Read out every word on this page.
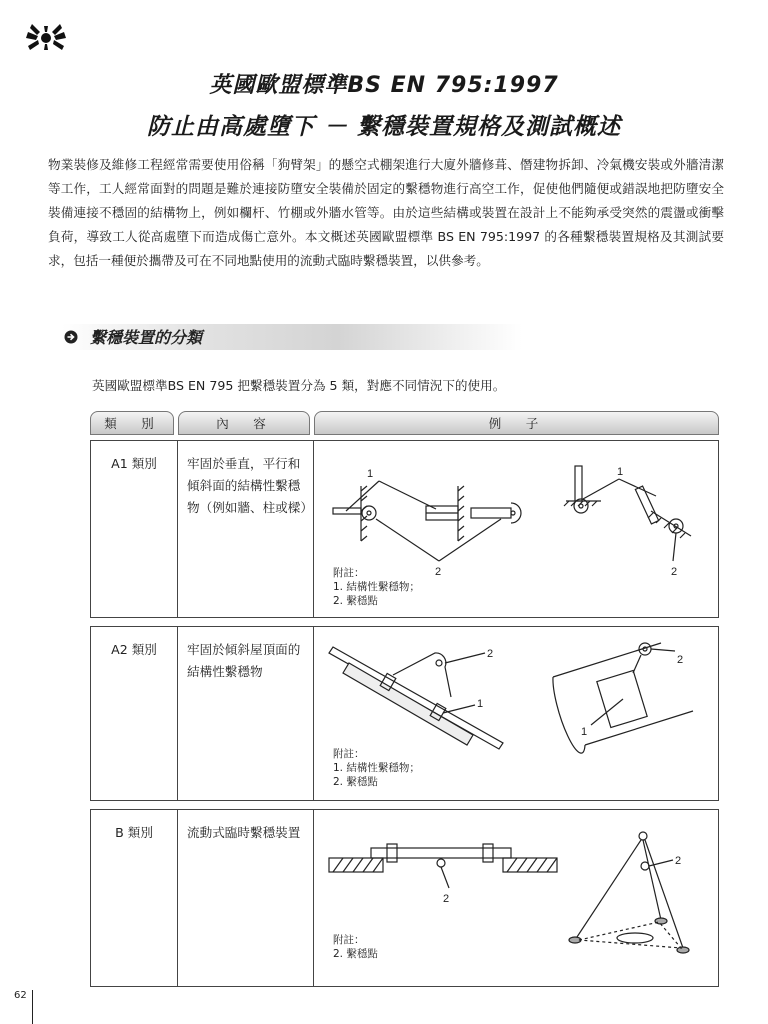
英國歐盟標準BS EN 795:1997
防止由高處墮下 － 繫穩裝置規格及測試概述
物業裝修及維修工程經常需要使用俗稱「狗臂架」的懸空式棚架進行大廈外牆修葺、僭建物拆卸、冷氣機安裝或外牆清潔等工作，工人經常面對的問題是難於連接防墮安全裝備於固定的繫穩物進行高空工作，促使他們隨便或錯誤地把防墮安全裝備連接不穩固的結構物上，例如欄杆、竹棚或外牆水管等。由於這些結構或裝置在設計上不能夠承受突然的震盪或衝擊負荷，導致工人從高處墮下而造成傷亡意外。本文概述英國歐盟標準 BS EN 795:1997 的各種繫穩裝置規格及其測試要求，包括一種便於攜帶及可在不同地點使用的流動式臨時繫穩裝置，以供參考。
繫穩裝置的分類
英國歐盟標準BS EN 795 把繫穩裝置分為 5 類，對應不同情況下的使用。
類　別	內　容	例　子
A1 類別	牢固於垂直，平行和傾斜面的結構性繫穩物（例如牆、柱或樑）
附註：
1. 結構性繫穩物；
2. 繫穩點
1
2
1
2
A2 類別	牢固於傾斜屋頂面的結構性繫穩物
附註：
1. 結構性繫穩物；
2. 繫穩點
2
1
2
1
B 類別	流動式臨時繫穩裝置
附註：
2. 繫穩點
2
2
62
